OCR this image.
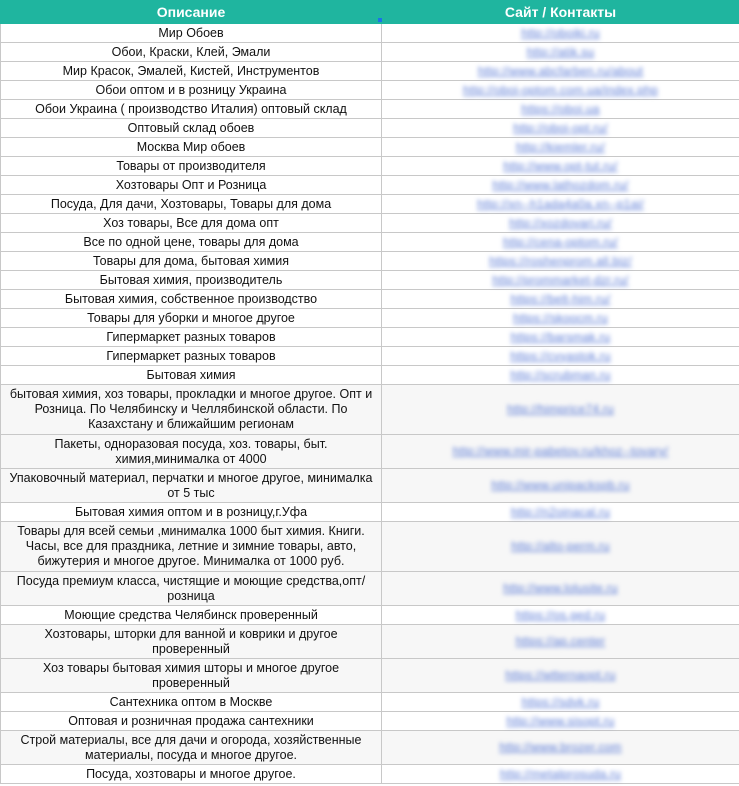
Описание	Сайт / Контакты
Мир Обоев	http://oboiki.ru
Обои, Краски, Клей, Эмали	http://atik.su
Мир Красок, Эмалей, Кистей, Инструментов	http://www.abcfarben.ru/about
Обои оптом и в розницу Украина	http://oboi-optom.com.ua/index.php
Обои Украина ( производство Италия) оптовый склад	https://oboi.ua
Оптовый склад обоев	http://oboi-opt.ru/
Москва Мир обоев	http://kiemler.ru/
Товары от производителя	http://www.opt-tut.ru/
Хозтовары Опт и Розница	http://www.lathozdom.ru/
Посуда, Для дачи, Хозтовары, Товары для дома	http://xn--h1ada4a0a.xn--p1ai/
Хоз товары, Все для дома опт	http://xozdovari.ru/
Все по одной цене, товары для дома	http://cena-optom.ru/
Товары для дома, бытовая химия	https://roshenprom.all.biz/
Бытовая химия, производитель	http://prommarket-dzr.ru/
Бытовая химия, собственное производство	https://belt-him.ru/
Товары для уборки и многое другое	https://skoocm.ru
Гипермаркет разных товаров	https://barsmak.ru
Гипермаркет разных товаров	https://cvyastok.ru
Бытовая химия	http://scrubman.ru
бытовая химия, хоз товары, прокладки и многое другое. Опт и Розница. По Челябинску и Челлябинской области. По Казахстану и ближайшим регионам	http://himprice74.ru
Пакеты, одноразовая посуда, хоз. товары, быт. химия,минималка от 4000	http://www.mir-pabetov.ru/khoz--tovary/
Упаковочный материал, перчатки и многое другое, минималка от 5 тыс	http://www.unipackspb.ru
Бытовая химия оптом и в розницу,г.Уфа	http://n2oinacal.ru
Товары для всей семьи ,минималка 1000 быт химия. Книги. Часы, все для праздника, летние и зимние товары, авто, бижутерия и многое другое. Минималка от 1000 руб.	http://alto-perm.ru
Посуда премиум класса, чистящие и моющие средства,опт/розница	http://www.lolusite.ru
Моющие средства Челябинск проверенный	https://os.ged.ru
Хозтовары, шторки для ванной и коврики и другое проверенный	https://ap.center
Хоз товары бытовая химия шторы и многое другое проверенный	https://wtternaopt.ru
Сантехника оптом в Москве	https://sdvk.ru
Оптовая и розничная продажа сантехники	http://www.sisopt.ru
Строй материалы, все для дачи и огорода, хозяйственные материалы, посуда и многое другое.	http://www.brozer.com
Посуда, хозтовары и многое другое.	http://metalprosuda.ru
